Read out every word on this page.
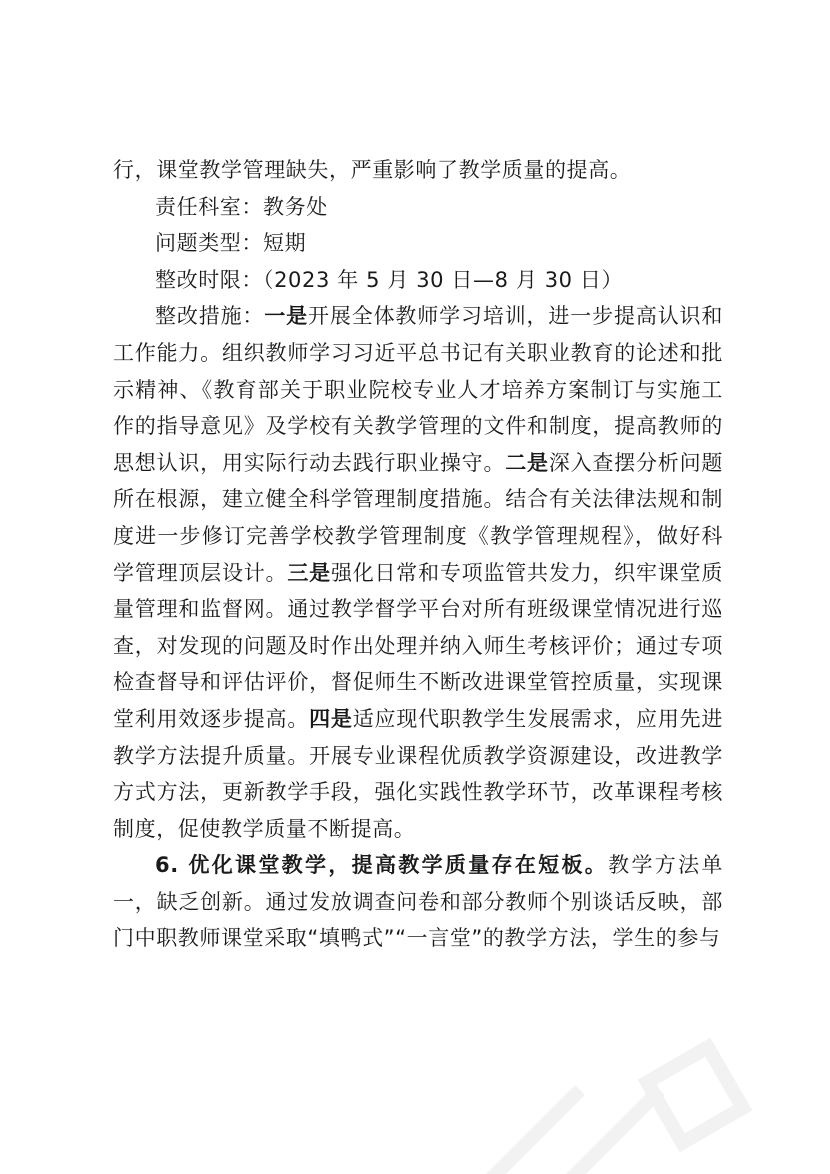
行，课堂教学管理缺失，严重影响了教学质量的提高。

责任科室：教务处

问题类型：短期

整改时限：（2023 年 5 月 30 日—8 月 30 日）

整改措施：一是开展全体教师学习培训，进一步提高认识和工作能力。组织教师学习习近平总书记有关职业教育的论述和批示精神、《教育部关于职业院校专业人才培养方案制订与实施工作的指导意见》及学校有关教学管理的文件和制度，提高教师的思想认识，用实际行动去践行职业操守。二是深入查摆分析问题所在根源，建立健全科学管理制度措施。结合有关法律法规和制度进一步修订完善学校教学管理制度《教学管理规程》，做好科学管理顶层设计。三是强化日常和专项监管共发力，织牢课堂质量管理和监督网。通过教学督学平台对所有班级课堂情况进行巡查，对发现的问题及时作出处理并纳入师生考核评价；通过专项检查督导和评估评价，督促师生不断改进课堂管控质量，实现课堂利用效逐步提高。四是适应现代职教学生发展需求，应用先进教学方法提升质量。开展专业课程优质教学资源建设，改进教学方式方法，更新教学手段，强化实践性教学环节，改革课程考核制度，促使教学质量不断提高。

6. 优化课堂教学，提高教学质量存在短板。教学方法单一，缺乏创新。通过发放调查问卷和部分教师个别谈话反映，部门中职教师课堂采取“填鸭式”“一言堂”的教学方法，学生的参与
